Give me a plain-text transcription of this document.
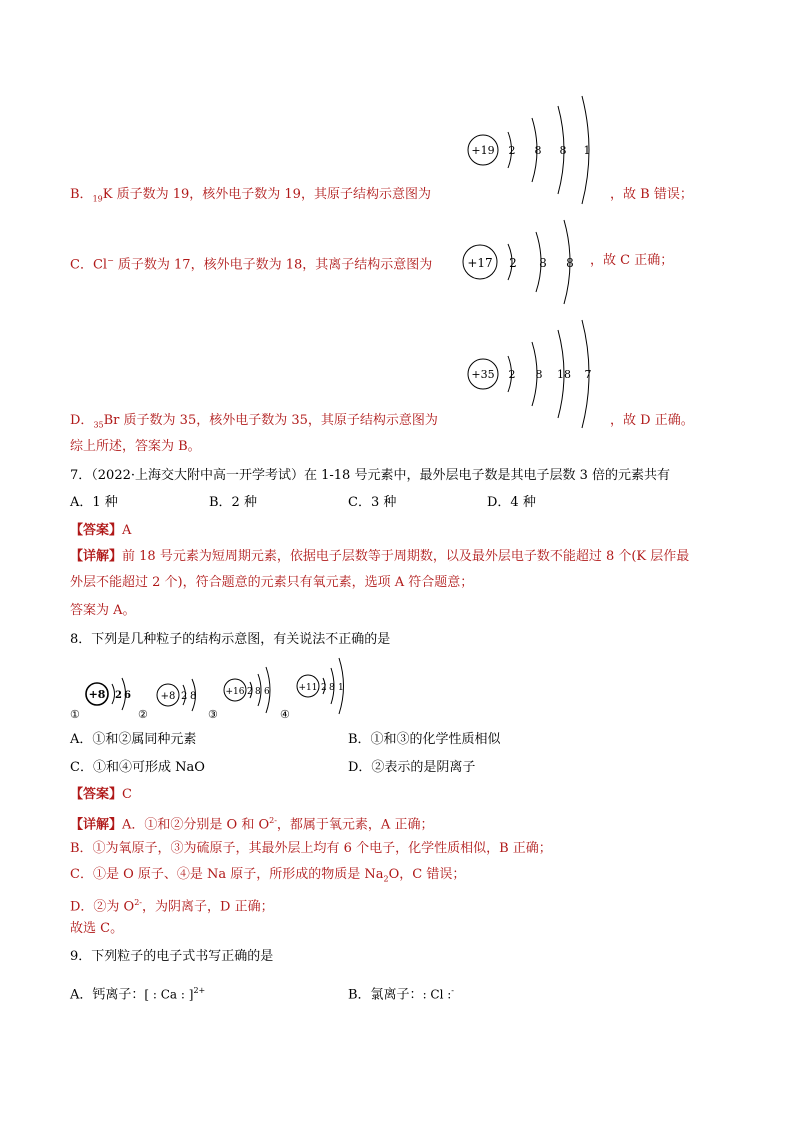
B．$_{19}$K 质子数为 19，核外电子数为 19，其原子结构示意图为
+19 2 8 8 1
，故 B 错误；
C．Cl− 质子数为 17，核外电子数为 18，其离子结构示意图为	+17 2 8 8 ，故 C 正确；
D．$_{35}$Br 质子数为 35，核外电子数为 35，其原子结构示意图为
+35 2 8 18 7
，故 D 正确。
综上所述，答案为 B。
7．（2022·上海交大附中高一开学考试）在 1-18 号元素中，最外层电子数是其电子层数 3 倍的元素共有
A．1 种	B．2 种	C．3 种	D．4 种
【答案】A
【详解】前 18 号元素为短周期元素，依据电子层数等于周期数，以及最外层电子数不能超过 8 个(K 层作最
外层不能超过 2 个)，符合题意的元素只有氧元素，选项 A 符合题意；
答案为 A。
8．下列是几种粒子的结构示意图，有关说法不正确的是
+8 2 6
①
+8 2 8
②
+16 2 8 6
③
+11 2 8 1
④
A．①和②属同种元素	B．①和③的化学性质相似
C．①和④可形成 NaO	D．②表示的是阴离子
【答案】C
【详解】A．①和②分别是 O 和 $O^{2-}$，都属于氧元素，A 正确；
B．①为氧原子，③为硫原子，其最外层上均有 6 个电子，化学性质相似，B 正确；
C．①是 O 原子、④是 Na 原子，所形成的物质是 $Na_2O$，C 错误；
D．②为 $O^{2-}$，为阴离子，D 正确；
故选 C。
9．下列粒子的电子式书写正确的是
A．钙离子：[ : Ca : ]$^{2+}$	B．氯离子：: Cl :-
